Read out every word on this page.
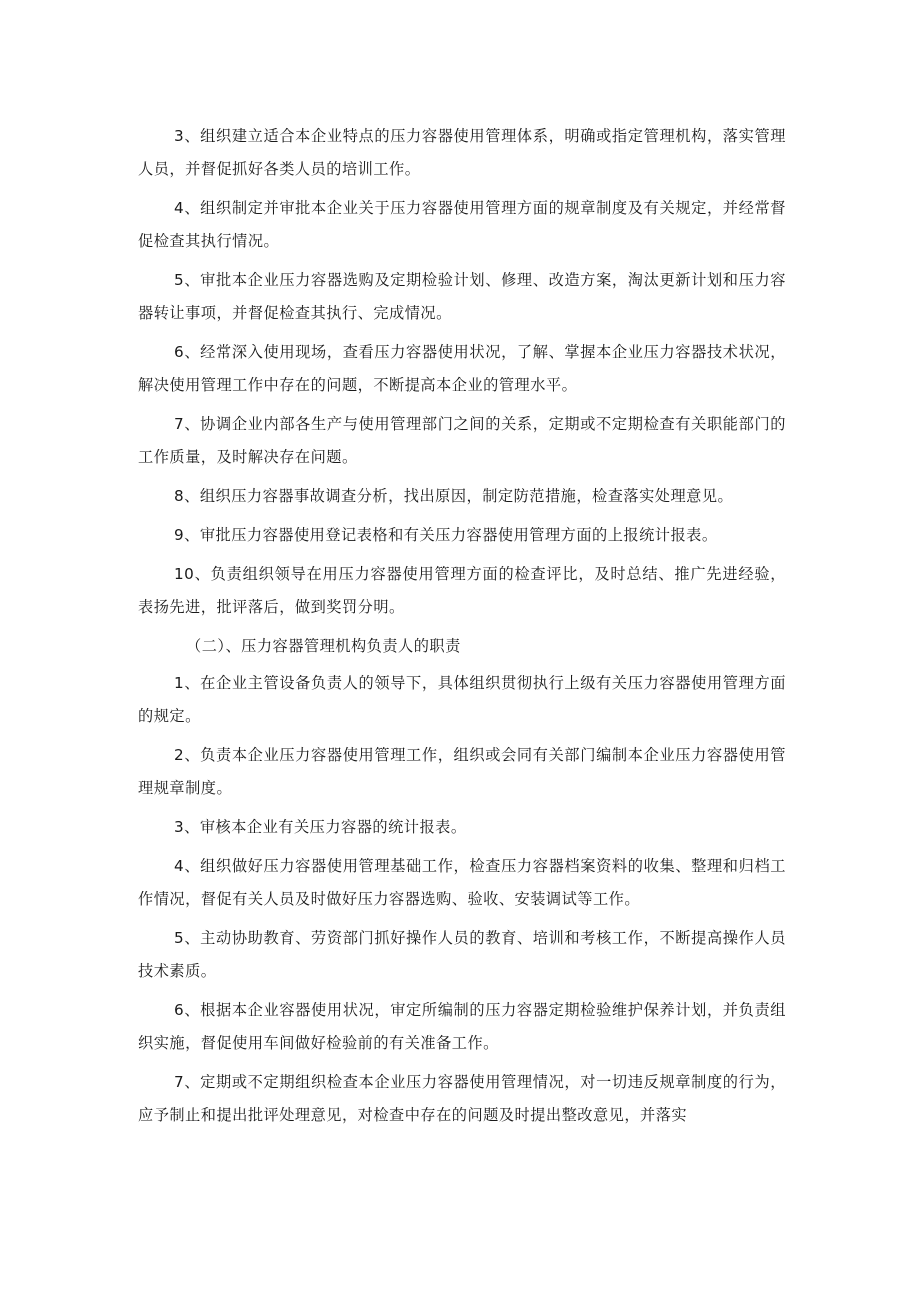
3、组织建立适合本企业特点的压力容器使用管理体系，明确或指定管理机构，落实管理人员，并督促抓好各类人员的培训工作。

4、组织制定并审批本企业关于压力容器使用管理方面的规章制度及有关规定，并经常督促检查其执行情况。

5、审批本企业压力容器选购及定期检验计划、修理、改造方案，淘汰更新计划和压力容器转让事项，并督促检查其执行、完成情况。

6、经常深入使用现场，查看压力容器使用状况，了解、掌握本企业压力容器技术状况，解决使用管理工作中存在的问题，不断提高本企业的管理水平。

7、协调企业内部各生产与使用管理部门之间的关系，定期或不定期检查有关职能部门的工作质量，及时解决存在问题。

8、组织压力容器事故调查分析，找出原因，制定防范措施，检查落实处理意见。

9、审批压力容器使用登记表格和有关压力容器使用管理方面的上报统计报表。

10、负责组织领导在用压力容器使用管理方面的检查评比，及时总结、推广先进经验，表扬先进，批评落后，做到奖罚分明。

（二）、压力容器管理机构负责人的职责

1、在企业主管设备负责人的领导下，具体组织贯彻执行上级有关压力容器使用管理方面的规定。

2、负责本企业压力容器使用管理工作，组织或会同有关部门编制本企业压力容器使用管理规章制度。

3、审核本企业有关压力容器的统计报表。

4、组织做好压力容器使用管理基础工作，检查压力容器档案资料的收集、整理和归档工作情况，督促有关人员及时做好压力容器选购、验收、安装调试等工作。

5、主动协助教育、劳资部门抓好操作人员的教育、培训和考核工作，不断提高操作人员技术素质。

6、根据本企业容器使用状况，审定所编制的压力容器定期检验维护保养计划，并负责组织实施，督促使用车间做好检验前的有关准备工作。

7、定期或不定期组织检查本企业压力容器使用管理情况，对一切违反规章制度的行为，应予制止和提出批评处理意见，对检查中存在的问题及时提出整改意见，并落实
